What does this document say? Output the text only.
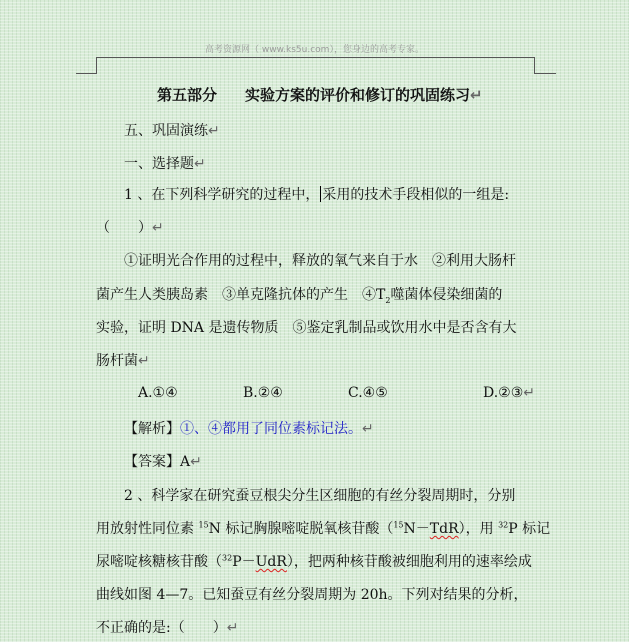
高考资源网（ www.ks5u.com），您身边的高考专家。
第五部分 实验方案的评价和修订的巩固练习↵
五、巩固演练↵
一、选择题↵
1 、在下列科学研究的过程中， 采用的技术手段相似的一组是:
（　　）↵
①证明光合作用的过程中，释放的氧气来自于水　②利用大肠杆
菌产生人类胰岛素　③单克隆抗体的产生　$④T_2$噬菌体侵染细菌的
实验，证明 DNA 是遗传物质　⑤鉴定乳制品或饮用水中是否含有大
肠杆菌↵
A.①④	B.②④	C.④⑤	D.②③↵
【解析】①、④都用了同位素标记法。↵
【答案】A↵
2 、科学家在研究蚕豆根尖分生区细胞的有丝分裂周期时，分别
用放射性同位素 $^{15}$N 标记胸腺嘧啶脱氧核苷酸（$^{15}$N－TdR），用 $^{32}$P 标记
尿嘧啶核糖核苷酸（$^{32}$P－UdR），把两种核苷酸被细胞利用的速率绘成
曲线如图 4—7。已知蚕豆有丝分裂周期为 20h。下列对结果的分析，
不正确的是:（　　）↵
